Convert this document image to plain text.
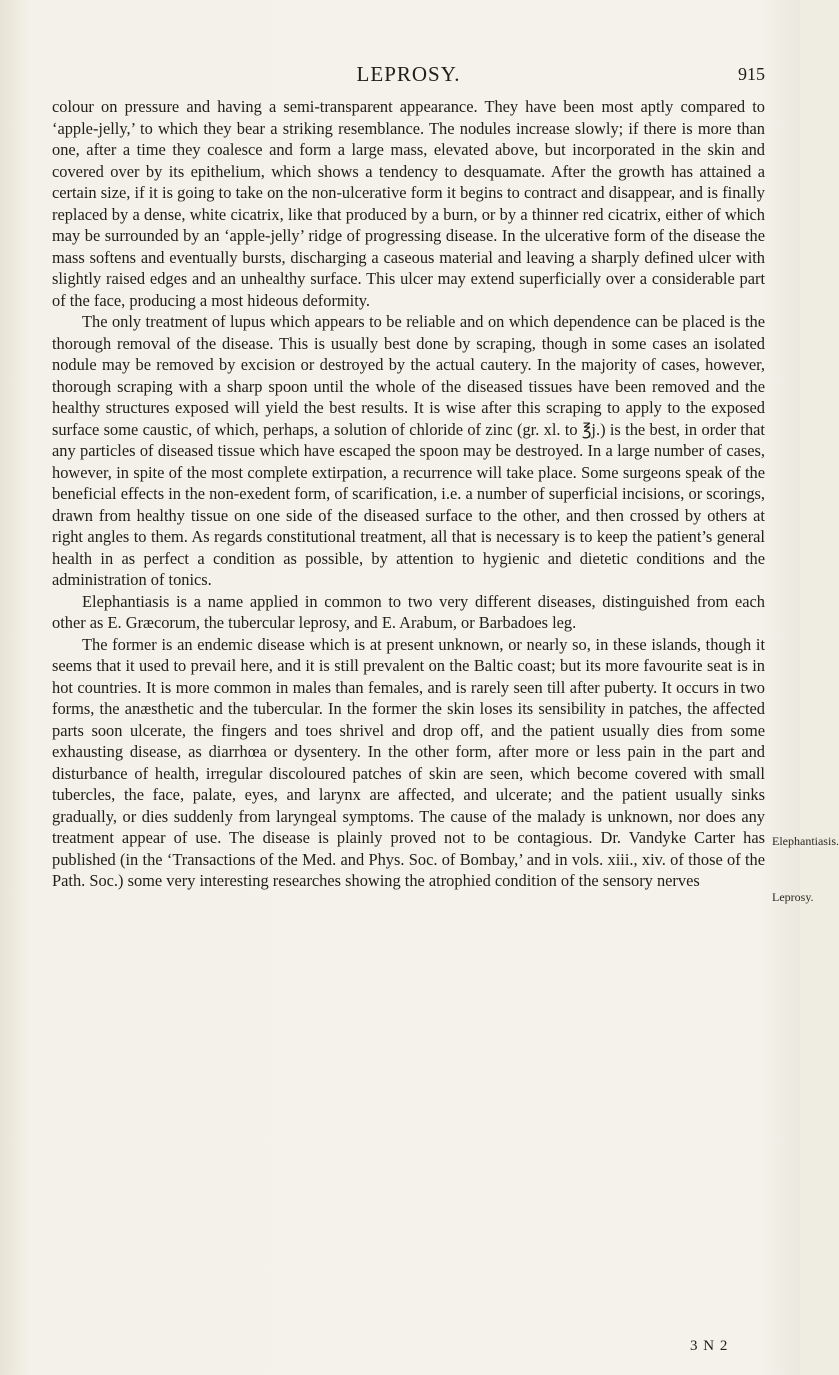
LEPROSY.	915

colour on pressure and having a semi-transparent appearance. They have been most aptly compared to ‘apple-jelly,’ to which they bear a striking resemblance. The nodules increase slowly; if there is more than one, after a time they coalesce and form a large mass, elevated above, but incorporated in the skin and covered over by its epithelium, which shows a tendency to desquamate. After the growth has attained a certain size, if it is going to take on the non-ulcerative form it begins to contract and disappear, and is finally replaced by a dense, white cicatrix, like that produced by a burn, or by a thinner red cicatrix, either of which may be surrounded by an ‘apple-jelly’ ridge of progressing disease. In the ulcerative form of the disease the mass softens and eventually bursts, discharging a caseous material and leaving a sharply defined ulcer with slightly raised edges and an unhealthy surface. This ulcer may extend superficially over a considerable part of the face, producing a most hideous deformity.

The only treatment of lupus which appears to be reliable and on which dependence can be placed is the thorough removal of the disease. This is usually best done by scraping, though in some cases an isolated nodule may be removed by excision or destroyed by the actual cautery. In the majority of cases, however, thorough scraping with a sharp spoon until the whole of the diseased tissues have been removed and the healthy structures exposed will yield the best results. It is wise after this scraping to apply to the exposed surface some caustic, of which, perhaps, a solution of chloride of zinc (gr. xl. to ℥j.) is the best, in order that any particles of diseased tissue which have escaped the spoon may be destroyed. In a large number of cases, however, in spite of the most complete extirpation, a recurrence will take place. Some surgeons speak of the beneficial effects in the non-exedent form, of scarification, i.e. a number of superficial incisions, or scorings, drawn from healthy tissue on one side of the diseased surface to the other, and then crossed by others at right angles to them. As regards constitutional treatment, all that is necessary is to keep the patient’s general health in as perfect a condition as possible, by attention to hygienic and dietetic conditions and the administration of tonics.

Elephantiasis is a name applied in common to two very different diseases, distinguished from each other as E. Græcorum, the tubercular leprosy, and E. Arabum, or Barbadoes leg.

The former is an endemic disease which is at present unknown, or nearly so, in these islands, though it seems that it used to prevail here, and it is still prevalent on the Baltic coast; but its more favourite seat is in hot countries. It is more common in males than females, and is rarely seen till after puberty. It occurs in two forms, the anæsthetic and the tubercular. In the former the skin loses its sensibility in patches, the affected parts soon ulcerate, the fingers and toes shrivel and drop off, and the patient usually dies from some exhausting disease, as diarrhœa or dysentery. In the other form, after more or less pain in the part and disturbance of health, irregular discoloured patches of skin are seen, which become covered with small tubercles, the face, palate, eyes, and larynx are affected, and ulcerate; and the patient usually sinks gradually, or dies suddenly from laryngeal symptoms. The cause of the malady is unknown, nor does any treatment appear of use. The disease is plainly proved not to be contagious. Dr. Vandyke Carter has published (in the ‘Transactions of the Med. and Phys. Soc. of Bombay,’ and in vols. xiii., xiv. of those of the Path. Soc.) some very interesting researches showing the atrophied condition of the sensory nerves

Elephantiasis.
Leprosy.
3 N 2
